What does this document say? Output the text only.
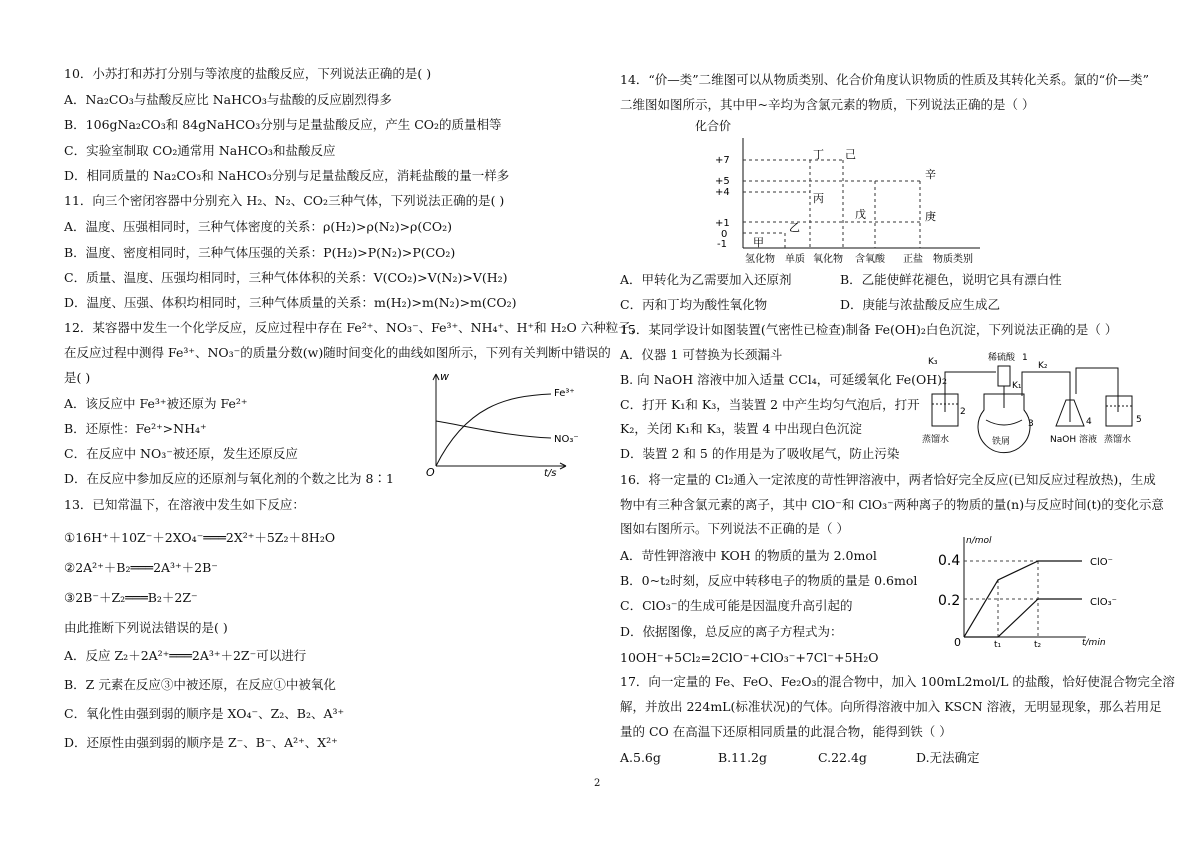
10．小苏打和苏打分别与等浓度的盐酸反应，下列说法正确的是( )
A．Na₂CO₃与盐酸反应比 NaHCO₃与盐酸的反应剧烈得多
B．106gNa₂CO₃和 84gNaHCO₃分别与足量盐酸反应，产生 CO₂的质量相等
C．实验室制取 CO₂通常用 NaHCO₃和盐酸反应
D．相同质量的 Na₂CO₃和 NaHCO₃分别与足量盐酸反应，消耗盐酸的量一样多
11．向三个密闭容器中分别充入 H₂、N₂、CO₂三种气体，下列说法正确的是( )
A．温度、压强相同时，三种气体密度的关系：ρ(H₂)>ρ(N₂)>ρ(CO₂)
B．温度、密度相同时，三种气体压强的关系：P(H₂)>P(N₂)>P(CO₂)
C．质量、温度、压强均相同时，三种气体体积的关系：V(CO₂)>V(N₂)>V(H₂)
D．温度、压强、体积均相同时，三种气体质量的关系：m(H₂)>m(N₂)>m(CO₂)
12．某容器中发生一个化学反应，反应过程中存在 Fe²⁺、NO₃⁻、Fe³⁺、NH₄⁺、H⁺和 H₂O 六种粒子，
在反应过程中测得 Fe³⁺、NO₃⁻的质量分数(w)随时间变化的曲线如图所示，下列有关判断中错误的
是( )
A．该反应中 Fe³⁺被还原为 Fe²⁺
B．还原性：Fe²⁺>NH₄⁺
C．在反应中 NO₃⁻被还原，发生还原反应
D．在反应中参加反应的还原剂与氧化剂的个数之比为 8∶1
w
t/s
O
Fe³⁺
NO₃⁻
13．已知常温下，在溶液中发生如下反应：
①16H⁺＋10Z⁻＋2XO₄⁻═══2X²⁺＋5Z₂＋8H₂O
②2A²⁺＋B₂═══2A³⁺＋2B⁻
③2B⁻＋Z₂═══B₂＋2Z⁻
由此推断下列说法错误的是( )
A．反应 Z₂＋2A²⁺═══2A³⁺＋2Z⁻可以进行
B．Z 元素在反应③中被还原，在反应①中被氧化
C．氧化性由强到弱的顺序是 XO₄⁻、Z₂、B₂、A³⁺
D．还原性由强到弱的顺序是 Z⁻、B⁻、A²⁺、X²⁺
14．“价—类”二维图可以从物质类别、化合价角度认识物质的性质及其转化关系。氯的“价—类”
二维图如图所示，其中甲~辛均为含氯元素的物质，下列说法正确的是（ ）
化合价
+7
+5
+4
+1
0
-1
丁 己
丙
戊
辛
庚
乙
甲
氢化物 单质 氧化物 含氧酸 正盐 物质类别
A．甲转化为乙需要加入还原剂	B．乙能使鲜花褪色，说明它具有漂白性
C．丙和丁均为酸性氧化物	D．庚能与浓盐酸反应生成乙
15．某同学设计如图装置(气密性已检查)制备 Fe(OH)₂白色沉淀，下列说法正确的是（ ）
A．仪器 1 可替换为长颈漏斗
B. 向 NaOH 溶液中加入适量 CCl₄，可延缓氧化 Fe(OH)₂
C．打开 K₁和 K₃，当装置 2 中产生均匀气泡后，打开
K₂，关闭 K₁和 K₃，装置 4 中出现白色沉淀
D．装置 2 和 5 的作用是为了吸收尾气，防止污染
K₃
2
蒸馏水
稀硫酸 1
K₁
3
铁屑
K₂
4
NaOH 溶液
5
蒸馏水
16．将一定量的 Cl₂通入一定浓度的苛性钾溶液中，两者恰好完全反应(已知反应过程放热)，生成
物中有三种含氯元素的离子，其中 ClO⁻和 ClO₃⁻两种离子的物质的量(n)与反应时间(t)的变化示意
图如右图所示。下列说法不正确的是（ ）
A．苛性钾溶液中 KOH 的物质的量为 2.0mol
B．0~t₂时刻，反应中转移电子的物质的量是 0.6mol
C．ClO₃⁻的生成可能是因温度升高引起的
D．依据图像，总反应的离子方程式为：
10OH⁻+5Cl₂=2ClO⁻+ClO₃⁻+7Cl⁻+5H₂O
n/mol
t/min
0.4
0.2
0	t₁	t₂
ClO⁻
ClO₃⁻
17．向一定量的 Fe、FeO、Fe₂O₃的混合物中，加入 100mL2mol/L 的盐酸，恰好使混合物完全溶
解，并放出 224mL(标准状况)的气体。向所得溶液中加入 KSCN 溶液，无明显现象，那么若用足
量的 CO 在高温下还原相同质量的此混合物，能得到铁（ ）
A.5.6g	B.11.2g	C.22.4g	D.无法确定
2
